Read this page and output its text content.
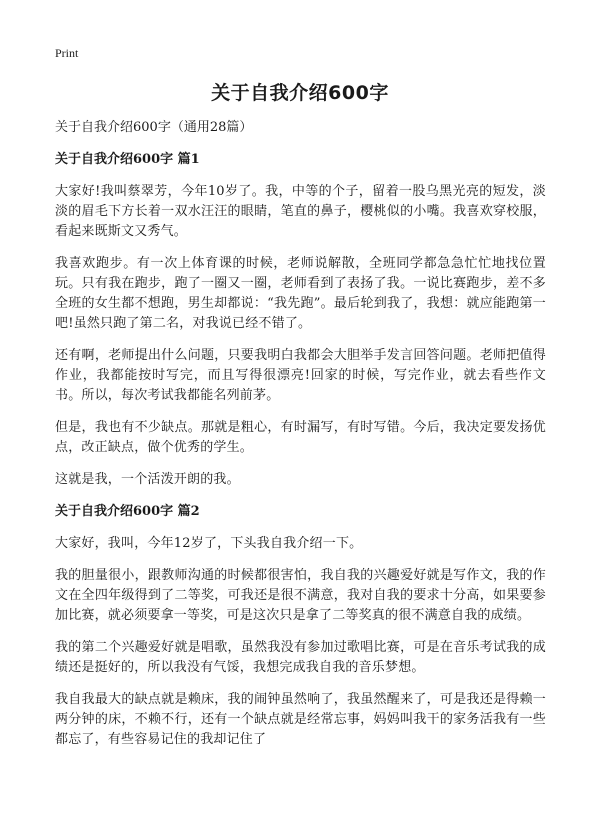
Print
关于自我介绍600字

关于自我介绍600字（通用28篇）

关于自我介绍600字 篇1

大家好!我叫蔡翠芳，今年10岁了。我，中等的个子，留着一股乌黑光亮的短发，淡淡的眉毛下方长着一双水汪汪的眼睛，笔直的鼻子，樱桃似的小嘴。我喜欢穿校服，看起来既斯文又秀气。

我喜欢跑步。有一次上体育课的时候，老师说解散，全班同学都急急忙忙地找位置玩。只有我在跑步，跑了一圈又一圈，老师看到了表扬了我。一说比赛跑步，差不多全班的女生都不想跑，男生却都说：“我先跑”。最后轮到我了，我想：就应能跑第一吧!虽然只跑了第二名，对我说已经不错了。

还有啊，老师提出什么问题，只要我明白我都会大胆举手发言回答问题。老师把值得作业，我都能按时写完，而且写得很漂亮!回家的时候，写完作业，就去看些作文书。所以，每次考试我都能名列前茅。

但是，我也有不少缺点。那就是粗心，有时漏写，有时写错。今后，我决定要发扬优点，改正缺点，做个优秀的学生。

这就是我，一个活泼开朗的我。

关于自我介绍600字 篇2

大家好，我叫，今年12岁了，下头我自我介绍一下。

我的胆量很小，跟教师沟通的时候都很害怕，我自我的兴趣爱好就是写作文，我的作文在全四年级得到了二等奖，可我还是很不满意，我对自我的要求十分高，如果要参加比赛，就必须要拿一等奖，可是这次只是拿了二等奖真的很不满意自我的成绩。

我的第二个兴趣爱好就是唱歌，虽然我没有参加过歌唱比赛，可是在音乐考试我的成绩还是挺好的，所以我没有气馁，我想完成我自我的音乐梦想。

我自我最大的缺点就是赖床，我的闹钟虽然响了，我虽然醒来了，可是我还是得赖一两分钟的床，不赖不行，还有一个缺点就是经常忘事，妈妈叫我干的家务活我有一些都忘了，有些容易记住的我却记住了
